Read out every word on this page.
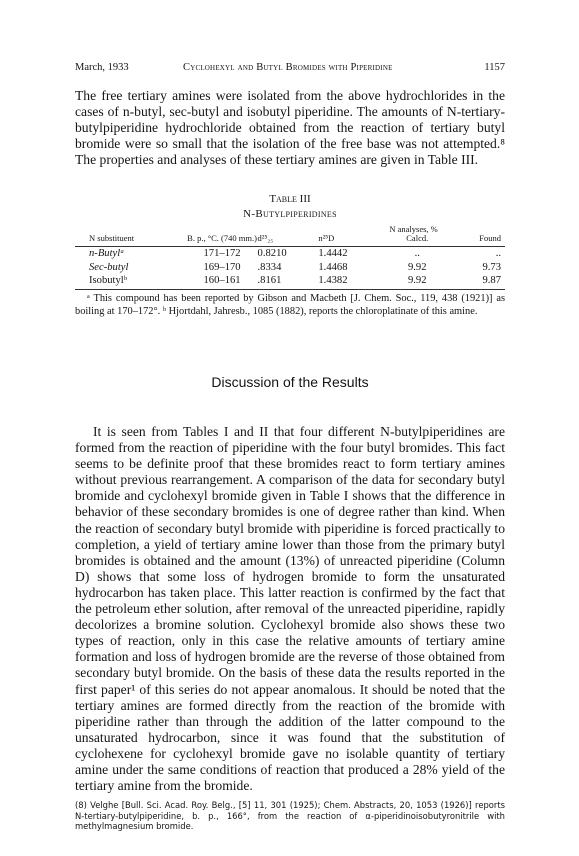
March, 1933	Cyclohexyl and Butyl Bromides with Piperidine	1157

The free tertiary amines were isolated from the above hydrochlorides in the cases of n-butyl, sec-butyl and isobutyl piperidine. The amounts of N-tertiary-butylpiperidine hydrochloride obtained from the reaction of tertiary butyl bromide were so small that the isolation of the free base was not attempted.⁸ The properties and analyses of these tertiary amines are given in Table III.

Table III
N-Butylpiperidines
N substituent	B. p., °C. (740 mm.)	d²⁵₂₅	n²⁵D	N analyses, %
Calcd.	Found
n-Butylᵃ	171–172	0.8210	1.4442	..	..
Sec-butyl	169–170	.8334	1.4468	9.92	9.73
Isobutylᵇ	160–161	.8161	1.4382	9.92	9.87

ᵃ This compound has been reported by Gibson and Macbeth [J. Chem. Soc., 119, 438 (1921)] as boiling at 170–172°. ᵇ Hjortdahl, Jahresb., 1085 (1882), reports the chloroplatinate of this amine.

Discussion of the Results

It is seen from Tables I and II that four different N-butylpiperidines are formed from the reaction of piperidine with the four butyl bromides. This fact seems to be definite proof that these bromides react to form tertiary amines without previous rearrangement. A comparison of the data for secondary butyl bromide and cyclohexyl bromide given in Table I shows that the difference in behavior of these secondary bromides is one of degree rather than kind. When the reaction of secondary butyl bromide with piperidine is forced practically to completion, a yield of tertiary amine lower than those from the primary butyl bromides is obtained and the amount (13%) of unreacted piperidine (Column D) shows that some loss of hydrogen bromide to form the unsaturated hydrocarbon has taken place. This latter reaction is confirmed by the fact that the petroleum ether solution, after removal of the unreacted piperidine, rapidly decolorizes a bromine solution. Cyclohexyl bromide also shows these two types of reaction, only in this case the relative amounts of tertiary amine formation and loss of hydrogen bromide are the reverse of those obtained from secondary butyl bromide. On the basis of these data the results reported in the first paper¹ of this series do not appear anomalous. It should be noted that the tertiary amines are formed directly from the reaction of the bromide with piperidine rather than through the addition of the latter compound to the unsaturated hydrocarbon, since it was found that the substitution of cyclohexene for cyclohexyl bromide gave no isolable quantity of tertiary amine under the same conditions of reaction that produced a 28% yield of the tertiary amine from the bromide.

(8) Velghe [Bull. Sci. Acad. Roy. Belg., [5] 11, 301 (1925); Chem. Abstracts, 20, 1053 (1926)] reports N-tertiary-butylpiperidine, b. p., 166°, from the reaction of α-piperidinoisobutyronitrile with methylmagnesium bromide.
